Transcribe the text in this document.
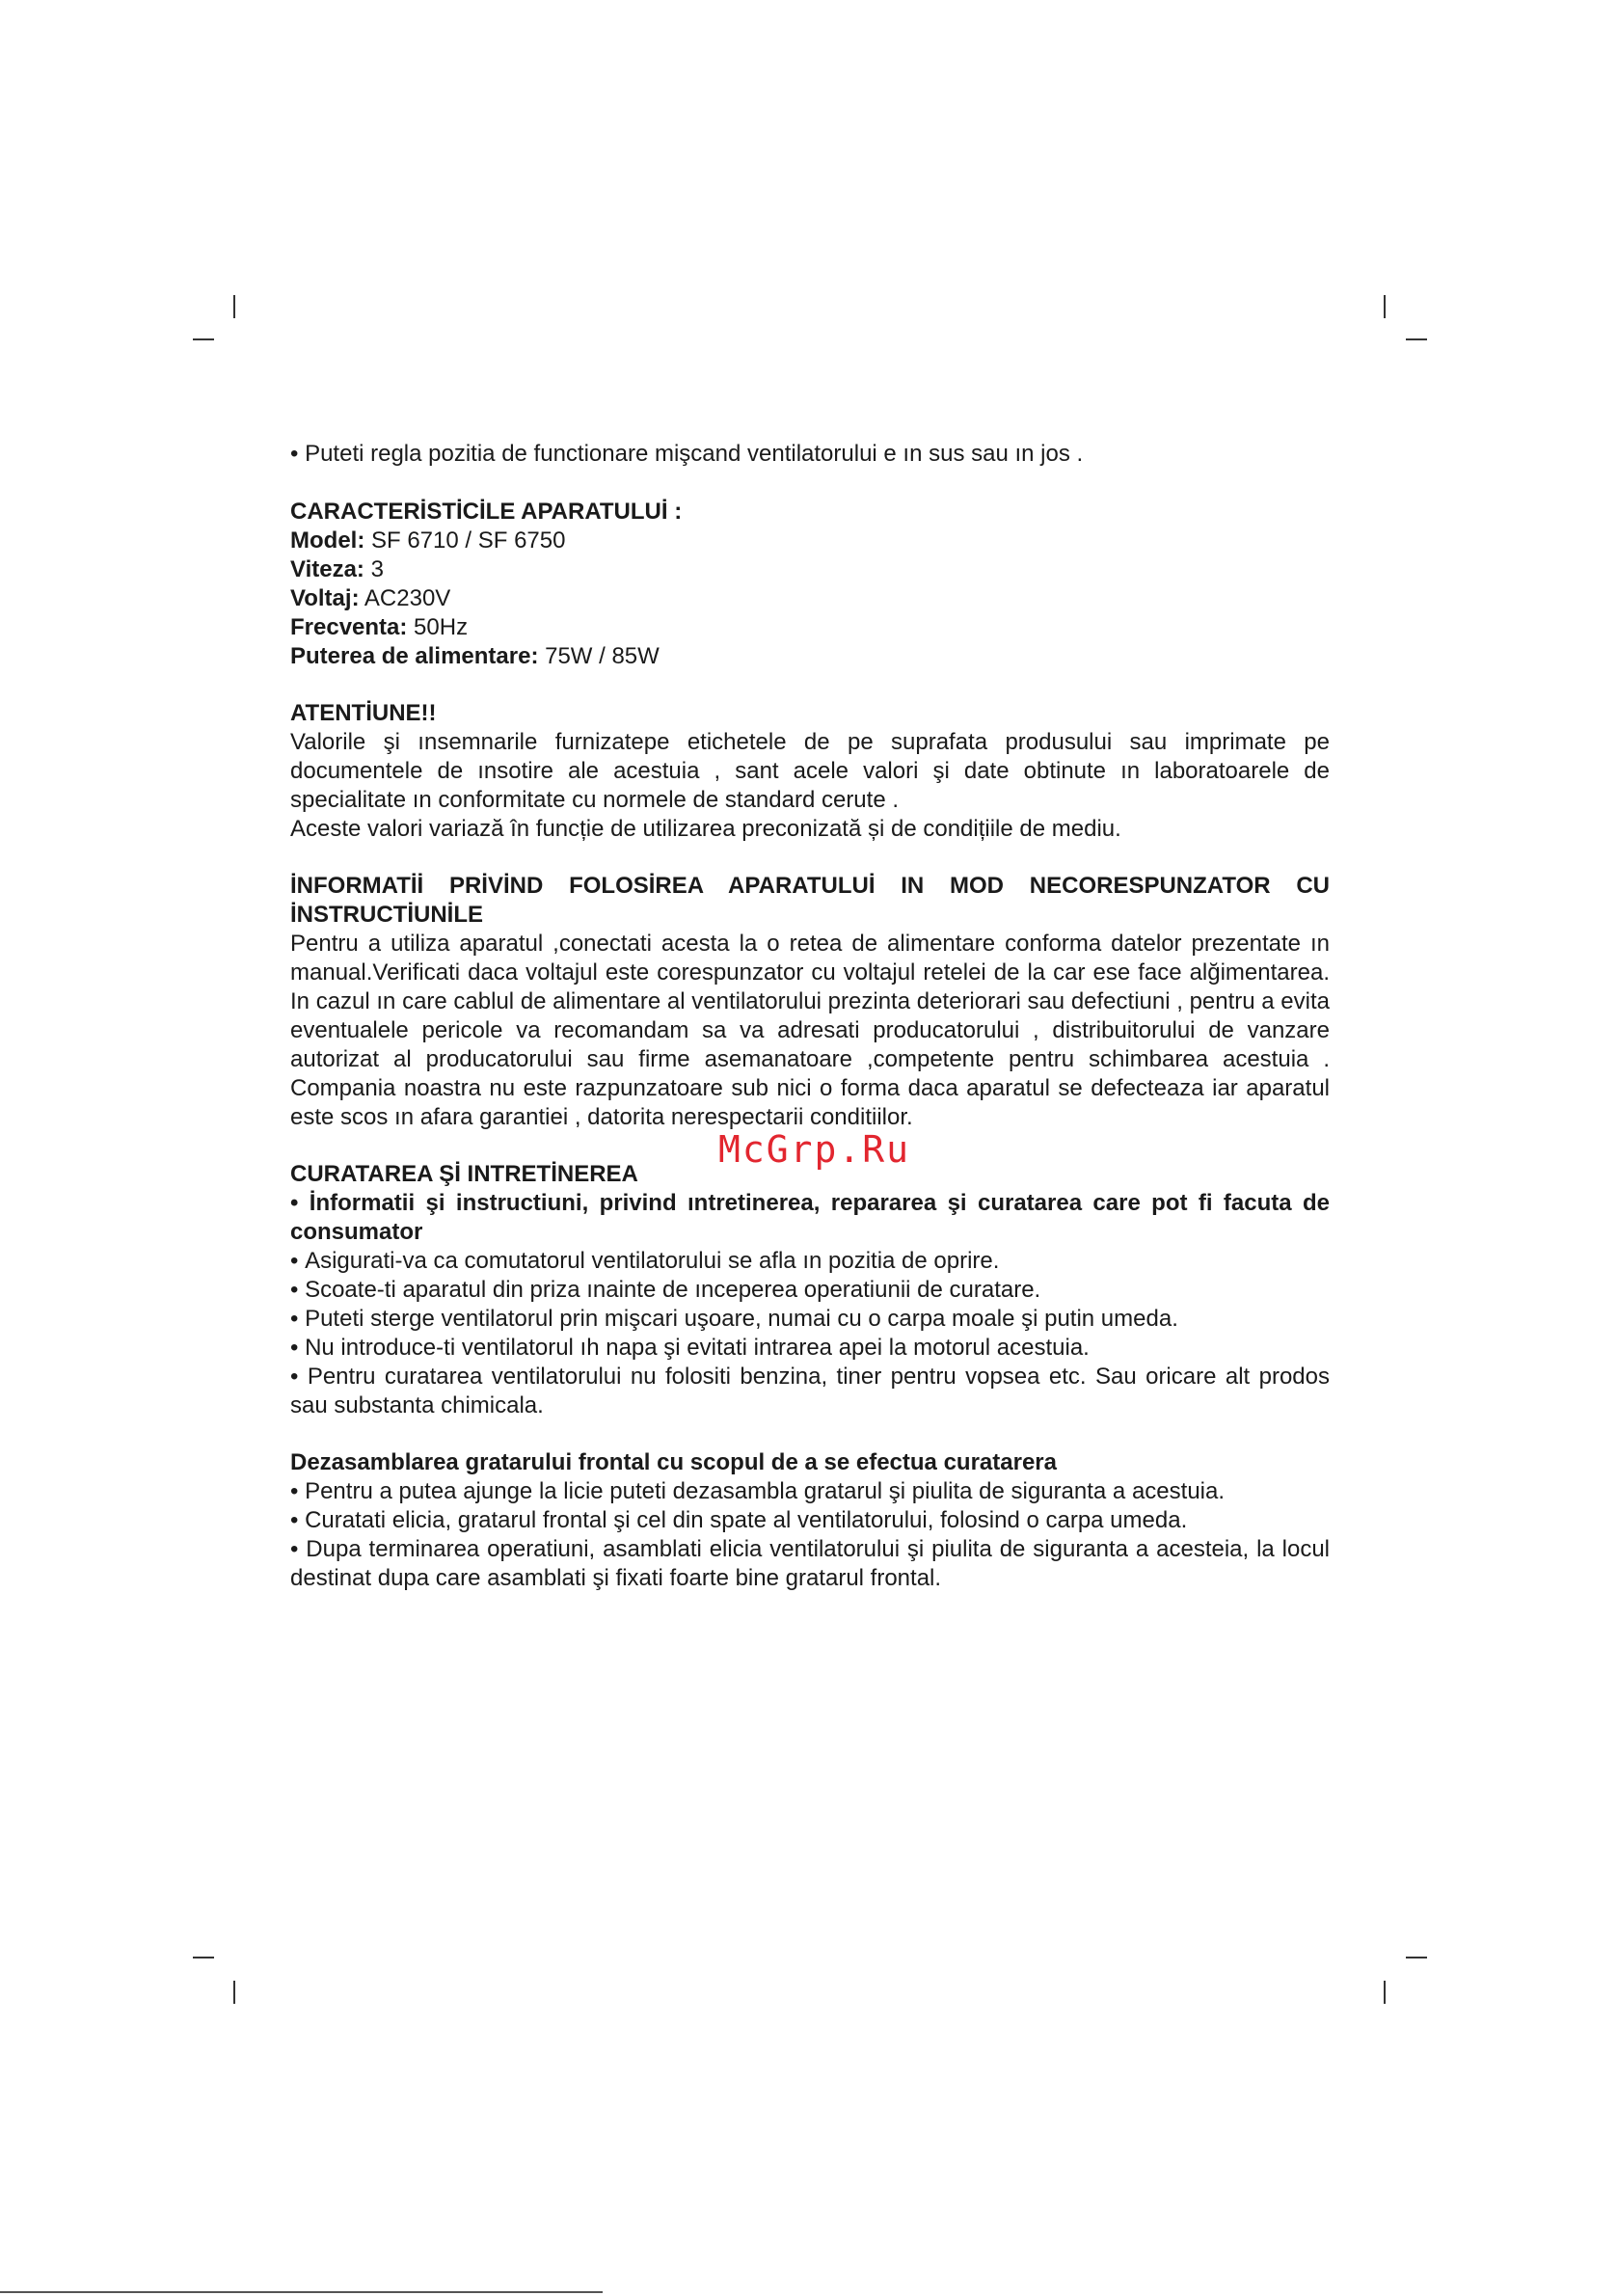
• Puteti regla pozitia de functionare mişcand ventilatorului e ın sus sau ın jos .

CARACTERİSTİCİLE APARATULUİ :

Model: SF 6710 / SF 6750

Viteza: 3

Voltaj: AC230V

Frecventa: 50Hz

Puterea de alimentare: 75W / 85W

ATENTİUNE!!

Valorile şi ınsemnarile furnizatepe etichetele de pe suprafata produsului sau imprimate pe documentele de ınsotire ale acestuia , sant acele valori şi date obtinute ın laboratoarele de specialitate ın conformitate cu normele de standard cerute .

Aceste valori variază în funcție de utilizarea preconizată și de condițiile de mediu.

İNFORMATİİ PRİVİND FOLOSİREA APARATULUİ IN MOD NECORESPUNZATOR CU İNSTRUCTİUNİLE

Pentru a utiliza aparatul ,conectati acesta la o retea de alimentare conforma datelor prezentate ın manual.Verificati daca voltajul este corespunzator cu voltajul retelei de la car ese face alğimentarea. In cazul ın care cablul de alimentare al ventilatorului prezinta deteriorari sau defectiuni , pentru a evita eventualele pericole va recomandam sa va adresati producatorului , distribuitorului de vanzare autorizat al producatorului sau firme asemanatoare ,competente pentru schimbarea acestuia . Compania noastra nu este razpunzatoare sub nici o forma daca aparatul se defecteaza iar aparatul este scos ın afara garantiei , datorita nerespectarii conditiilor.

CURATAREA Şİ INTRETİNEREA

• İnformatii şi instructiuni, privind ıntretinerea, repararea şi curatarea care pot fi facuta de consumator

• Asigurati-va ca comutatorul ventilatorului se afla ın pozitia de oprire.

• Scoate-ti aparatul din priza ınainte de ınceperea operatiunii de curatare.

• Puteti sterge ventilatorul prin mişcari uşoare, numai cu o carpa moale şi putin umeda.

• Nu introduce-ti ventilatorul ıh napa şi evitati intrarea apei la motorul acestuia.

• Pentru curatarea ventilatorului nu folositi benzina, tiner pentru vopsea etc. Sau oricare alt prodos sau substanta chimicala.

Dezasamblarea gratarului frontal cu scopul de a se efectua curatarera

• Pentru a putea ajunge la licie puteti dezasambla gratarul şi piulita de siguranta a acestuia.

• Curatati elicia, gratarul frontal şi cel din spate al ventilatorului, folosind o carpa umeda.

• Dupa terminarea operatiuni, asamblati elicia ventilatorului şi piulita de siguranta a acesteia, la locul destinat dupa care asamblati şi fixati foarte bine gratarul frontal.

McGrp.Ru
